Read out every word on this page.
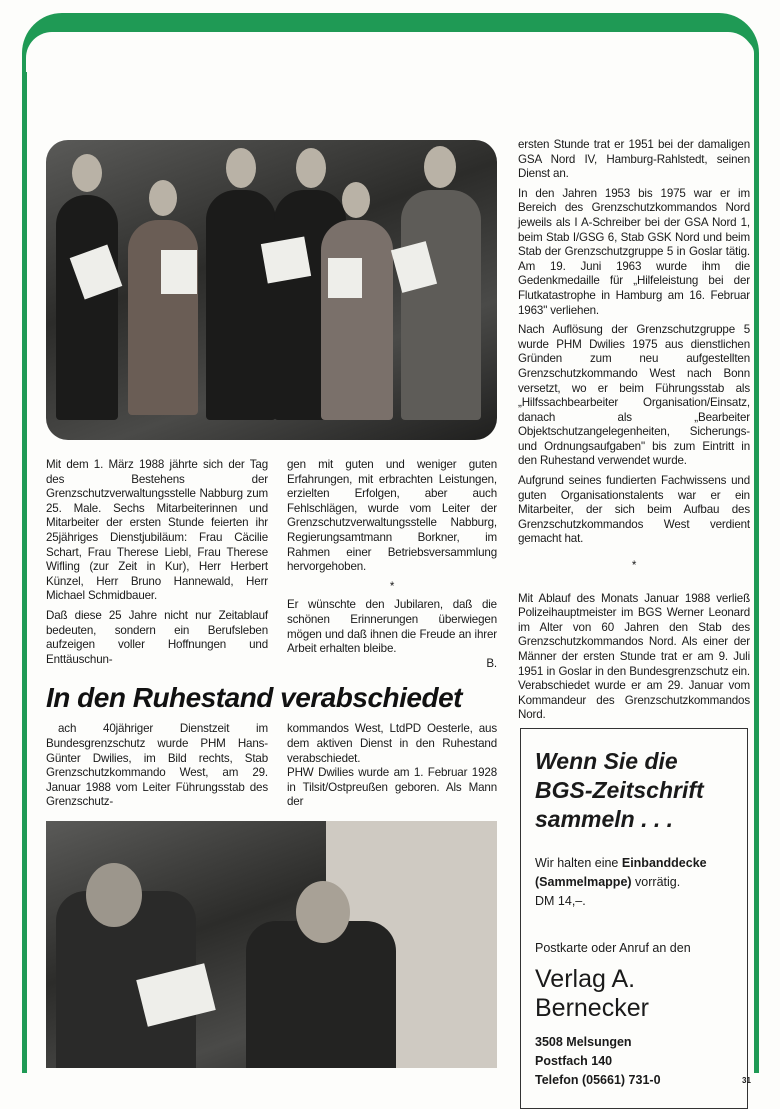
Mit dem 1. März 1988 jährte sich der Tag des Bestehens der Grenzschutzverwaltungsstelle Nabburg zum 25. Male. Sechs Mitarbeiterinnen und Mitarbeiter der ersten Stunde feierten ihr 25jähriges Dienstjubiläum: Frau Cäcilie Schart, Frau Therese Liebl, Frau Therese Wifling (zur Zeit in Kur), Herr Herbert Künzel, Herr Bruno Hannewald, Herr Michael Schmidbauer.

Daß diese 25 Jahre nicht nur Zeitablauf bedeuten, sondern ein Berufsleben aufzeigen voller Hoffnungen und Enttäuschun-

gen mit guten und weniger guten Erfahrungen, mit erbrachten Leistungen, erzielten Erfolgen, aber auch Fehlschlägen, wurde vom Leiter der Grenzschutzverwaltungsstelle Nabburg, Regierungsamtmann Borkner, im Rahmen einer Betriebsversammlung hervorgehoben.

*

Er wünschte den Jubilaren, daß die schönen Erinnerungen überwiegen mögen und daß ihnen die Freude an ihrer Arbeit erhalten bleibe.

B.
In den Ruhestand verabschiedet

ach 40jähriger Dienstzeit im Bundesgrenzschutz wurde PHM Hans-Günter Dwilies, im Bild rechts, Stab Grenzschutzkommando West, am 29. Januar 1988 vom Leiter Führungsstab des Grenzschutz-

kommandos West, LtdPD Oesterle, aus dem aktiven Dienst in den Ruhestand verabschiedet.

PHW Dwilies wurde am 1. Februar 1928 in Tilsit/Ostpreußen geboren. Als Mann der

ersten Stunde trat er 1951 bei der damaligen GSA Nord IV, Hamburg-Rahlstedt, seinen Dienst an.

In den Jahren 1953 bis 1975 war er im Bereich des Grenzschutzkommandos Nord jeweils als I A-Schreiber bei der GSA Nord 1, beim Stab I/GSG 6, Stab GSK Nord und beim Stab der Grenzschutzgruppe 5 in Goslar tätig. Am 19. Juni 1963 wurde ihm die Gedenkmedaille für „Hilfeleistung bei der Flutkatastrophe in Hamburg am 16. Februar 1963" verliehen.

Nach Auflösung der Grenzschutzgruppe 5 wurde PHM Dwilies 1975 aus dienstlichen Gründen zum neu aufgestellten Grenzschutzkommando West nach Bonn versetzt, wo er beim Führungsstab als „Hilfssachbearbeiter Organisation/Einsatz, danach als „Bearbeiter Objektschutzangelegenheiten, Sicherungs- und Ordnungsaufgaben" bis zum Eintritt in den Ruhestand verwendet wurde.

Aufgrund seines fundierten Fachwissens und guten Organisationstalents war er ein Mitarbeiter, der sich beim Aufbau des Grenzschutzkommandos West verdient gemacht hat.

*

Mit Ablauf des Monats Januar 1988 verließ Polizeihauptmeister im BGS Werner Leonard im Alter von 60 Jahren den Stab des Grenzschutzkommandos Nord. Als einer der Männer der ersten Stunde trat er am 9. Juli 1951 in Goslar in den Bundesgrenzschutz ein. Verabschiedet wurde er am 29. Januar vom Kommandeur des Grenzschutzkommandos Nord.

Wenn Sie die

BGS-Zeitschrift

sammeln . . .

Wir halten eine Einbanddecke (Sammelmappe) vorrätig.
DM 14,–.
Postkarte oder Anruf an den
Verlag A. Bernecker
3508 Melsungen
Postfach 140
Telefon (05661) 731-0	31
